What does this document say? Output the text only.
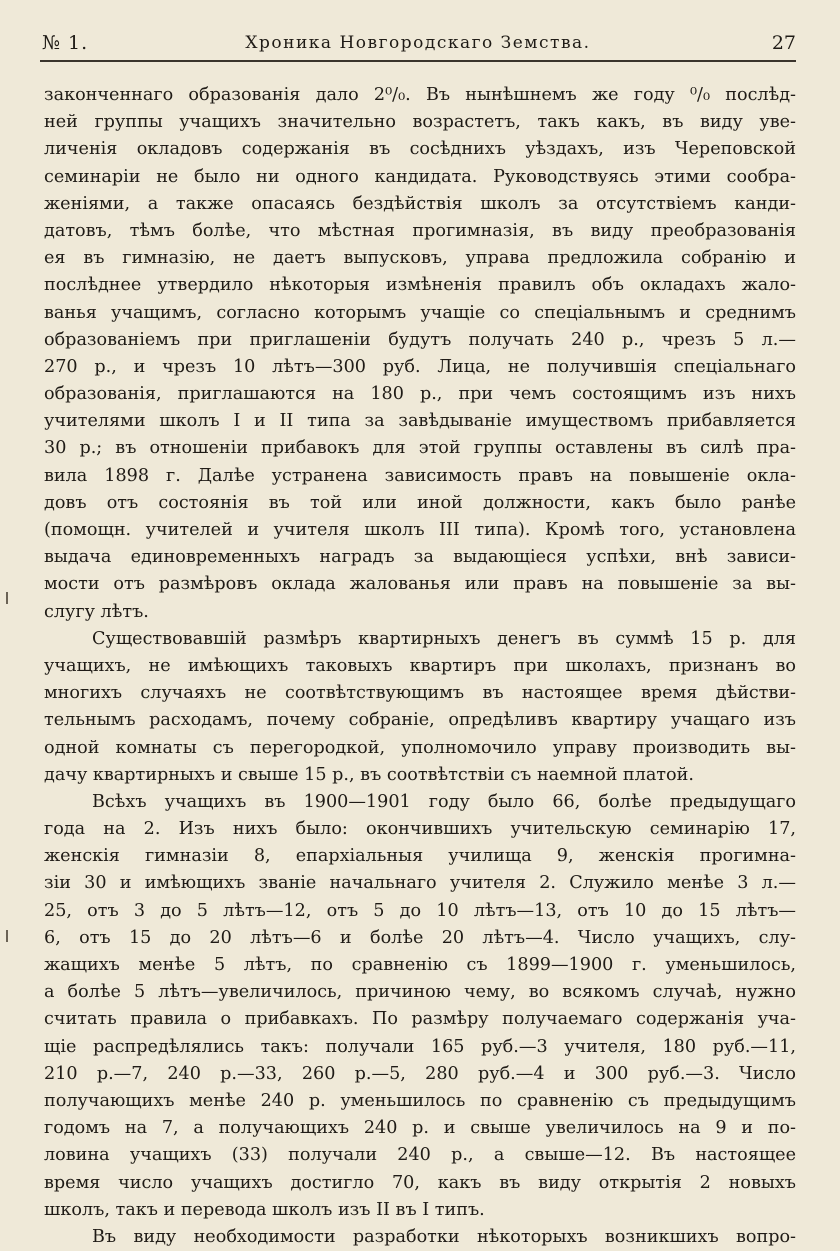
№ 1.	Хроника Новгородскаго Земства.	27
законченнаго образованія дало 2⁰/₀. Въ нынѣшнемъ же году ⁰/₀ послѣд-
ней группы учащихъ значительно возрастетъ, такъ какъ, въ виду уве-
личенія окладовъ содержанія въ сосѣднихъ уѣздахъ, изъ Череповской
семинаріи не было ни одного кандидата. Руководствуясь этими сообра-
женіями, а также опасаясь бездѣйствія школъ за отсутствіемъ канди-
датовъ, тѣмъ болѣе, что мѣстная прогимназія, въ виду преобразованія
ея въ гимназію, не даетъ выпусковъ, управа предложила собранію и
послѣднее утвердило нѣкоторыя измѣненія правилъ объ окладахъ жало-
ванья учащимъ, согласно которымъ учащіе со спеціальнымъ и среднимъ
образованіемъ при приглашеніи будутъ получать 240 р., чрезъ 5 л.—
270 р., и чрезъ 10 лѣтъ—300 руб. Лица, не получившія спеціальнаго
образованія, приглашаются на 180 р., при чемъ состоящимъ изъ нихъ
учителями школъ I и II типа за завѣдываніе имуществомъ прибавляется
30 р.; въ отношеніи прибавокъ для этой группы оставлены въ силѣ пра-
вила 1898 г. Далѣе устранена зависимость правъ на повышеніе окла-
довъ отъ состоянія въ той или иной должности, какъ было ранѣе
(помощн. учителей и учителя школъ III типа). Кромѣ того, установлена
выдача единовременныхъ наградъ за выдающіеся успѣхи, внѣ зависи-
мости отъ размѣровъ оклада жалованья или правъ на повышеніе за вы-
слугу лѣтъ.
Существовавшій размѣръ квартирныхъ денегъ въ суммѣ 15 р. для
учащихъ, не имѣющихъ таковыхъ квартиръ при школахъ, признанъ во
многихъ случаяхъ не соотвѣтствующимъ въ настоящее время дѣйстви-
тельнымъ расходамъ, почему собраніе, опредѣливъ квартиру учащаго изъ
одной комнаты съ перегородкой, уполномочило управу производить вы-
дачу квартирныхъ и свыше 15 р., въ соотвѣтствіи съ наемной платой.
Всѣхъ учащихъ въ 1900—1901 году было 66, болѣе предыдущаго
года на 2. Изъ нихъ было: окончившихъ учительскую семинарію 17,
женскія гимназіи 8, епархіальныя училища 9, женскія прогимна-
зіи 30 и имѣющихъ званіе начальнаго учителя 2. Служило менѣе 3 л.—
25, отъ 3 до 5 лѣтъ—12, отъ 5 до 10 лѣтъ—13, отъ 10 до 15 лѣтъ—
6, отъ 15 до 20 лѣтъ—6 и болѣе 20 лѣтъ—4. Число учащихъ, слу-
жащихъ менѣе 5 лѣтъ, по сравненію съ 1899—1900 г. уменьшилось,
а болѣе 5 лѣтъ—увеличилось, причиною чему, во всякомъ случаѣ, нужно
считать правила о прибавкахъ. По размѣру получаемаго содержанія уча-
щіе распредѣлялись такъ: получали 165 руб.—3 учителя, 180 руб.—11,
210 р.—7, 240 р.—33, 260 р.—5, 280 руб.—4 и 300 руб.—3. Число
получающихъ менѣе 240 р. уменьшилось по сравненію съ предыдущимъ
годомъ на 7, а получающихъ 240 р. и свыше увеличилось на 9 и по-
ловина учащихъ (33) получали 240 р., а свыше—12. Въ настоящее
время число учащихъ достигло 70, какъ въ виду открытія 2 новыхъ
школъ, такъ и перевода школъ изъ II въ I типъ.
Въ виду необходимости разработки нѣкоторыхъ возникшихъ вопро-
